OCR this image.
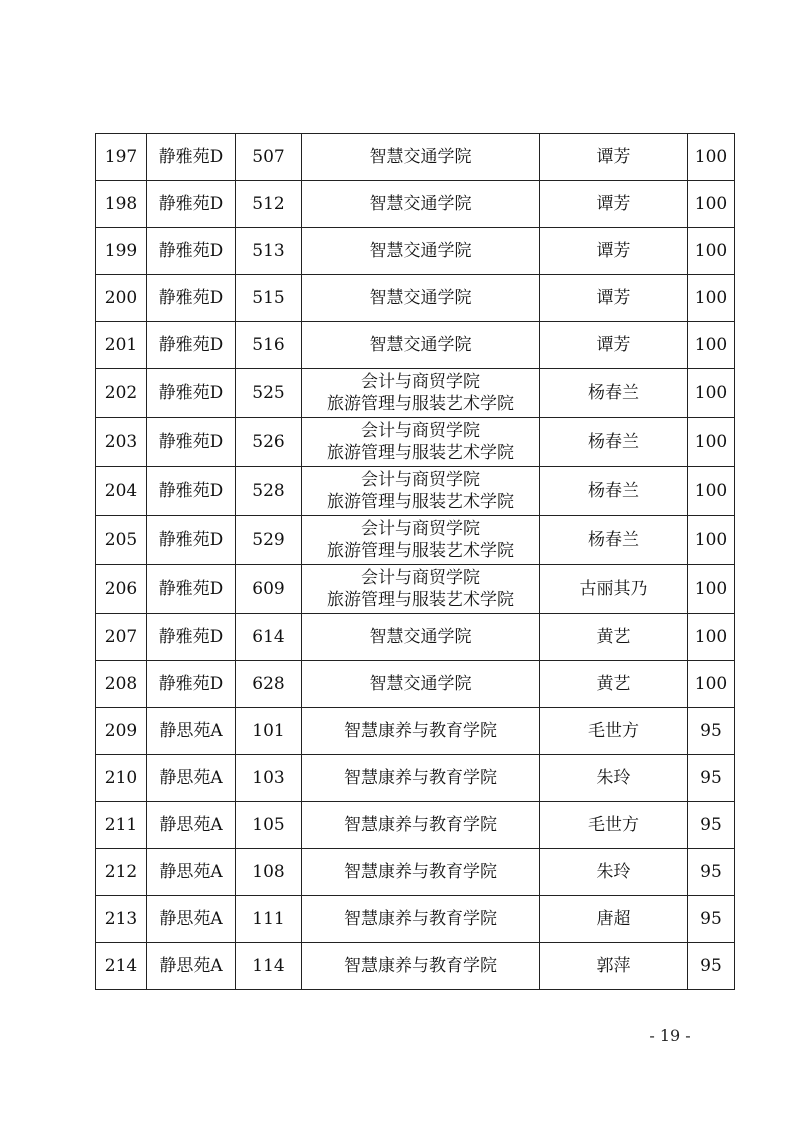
197	静雅苑D	507	智慧交通学院	谭芳	100
198	静雅苑D	512	智慧交通学院	谭芳	100
199	静雅苑D	513	智慧交通学院	谭芳	100
200	静雅苑D	515	智慧交通学院	谭芳	100
201	静雅苑D	516	智慧交通学院	谭芳	100
202	静雅苑D	525	会计与商贸学院
旅游管理与服装艺术学院	杨春兰	100
203	静雅苑D	526	会计与商贸学院
旅游管理与服装艺术学院	杨春兰	100
204	静雅苑D	528	会计与商贸学院
旅游管理与服装艺术学院	杨春兰	100
205	静雅苑D	529	会计与商贸学院
旅游管理与服装艺术学院	杨春兰	100
206	静雅苑D	609	会计与商贸学院
旅游管理与服装艺术学院	古丽其乃	100
207	静雅苑D	614	智慧交通学院	黄艺	100
208	静雅苑D	628	智慧交通学院	黄艺	100
209	静思苑A	101	智慧康养与教育学院	毛世方	95
210	静思苑A	103	智慧康养与教育学院	朱玲	95
211	静思苑A	105	智慧康养与教育学院	毛世方	95
212	静思苑A	108	智慧康养与教育学院	朱玲	95
213	静思苑A	111	智慧康养与教育学院	唐超	95
214	静思苑A	114	智慧康养与教育学院	郭萍	95
- 19 -
